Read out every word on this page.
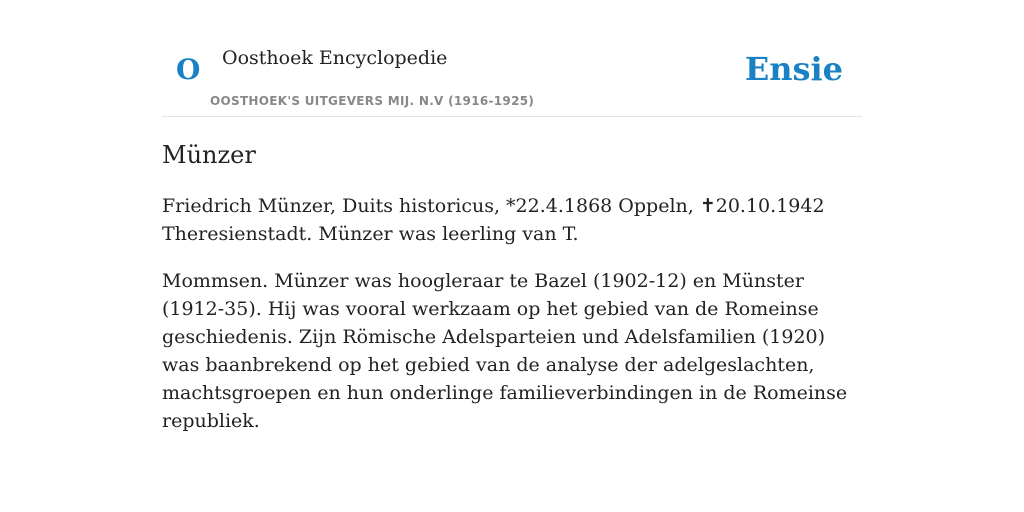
O Oosthoek Encyclopedie
OOSTHOEK'S UITGEVERS MIJ. N.V (1916-1925)
Ensie
Münzer

Friedrich Münzer, Duits historicus, *22.4.1868 Oppeln, ✝20.10.1942 Theresienstadt. Münzer was leerling van T.

Mommsen. Münzer was hoogleraar te Bazel (1902-12) en Münster (1912-35). Hij was vooral werkzaam op het gebied van de Romeinse geschiedenis. Zijn Römische Adelsparteien und Adelsfamilien (1920) was baanbrekend op het gebied van de analyse der adelgeslachten, machtsgroepen en hun onderlinge familieverbindingen in de Romeinse republiek.
